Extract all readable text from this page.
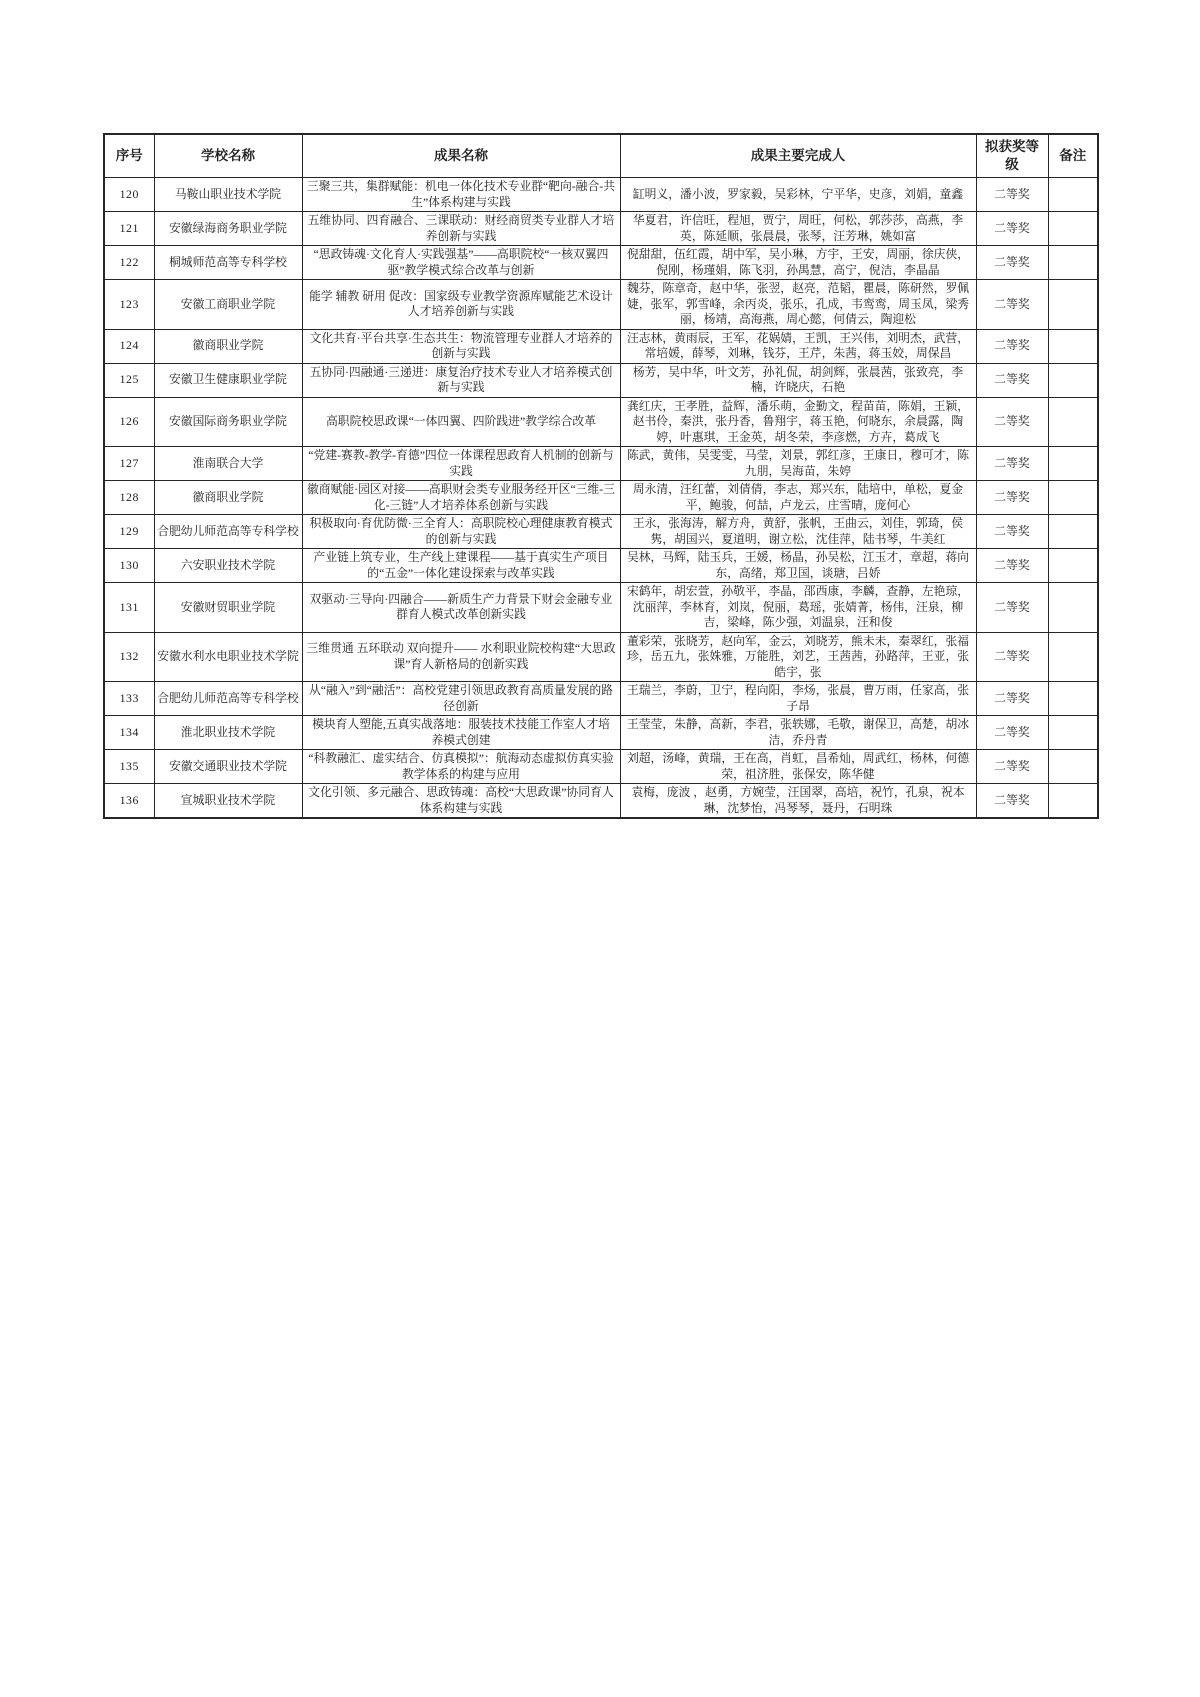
序号	学校名称	成果名称	成果主要完成人	拟获奖等级	备注
120	马鞍山职业技术学院	三聚三共，集群赋能：机电一体化技术专业群“靶向-融合-共生”体系构建与实践	缸明义，潘小波，罗家毅，吴彩林，宁平华，史彦，刘娟，童鑫	二等奖	
121	安徽绿海商务职业学院	五维协同、四育融合、三课联动：财经商贸类专业群人才培养创新与实践	华夏君，许信旺，程旭，贾宁，周旺，何松，郭莎莎，高燕，李英，陈延顺，张晨晨，张琴，汪芳琳，姚如富	二等奖	
122	桐城师范高等专科学校	“思政铸魂·文化育人·实践强基”——高职院校“一核双翼四驱”教学模式综合改革与创新	倪甜甜，伍红霞，胡中军，吴小琳，方宇，王安，周丽，徐庆侠，倪刚，杨瑾娟，陈飞羽，孙禺慧，高宁，倪洁，李晶晶	二等奖	
123	安徽工商职业学院	能学 辅教 研用 促改：国家级专业教学资源库赋能艺术设计人才培养创新与实践	魏芬，陈章奇，赵中华，张翌，赵亮，范韬，瞿晨，陈研然，罗佩婕，张军，郭雪峰，余丙炎，张乐，孔成，韦鸾鸾，周玉凤，梁秀丽，杨靖，高海燕，周心懿，何倩云，陶迎松	二等奖	
124	徽商职业学院	文化共育·平台共享·生态共生：物流管理专业群人才培养的创新与实践	汪志林，黄雨辰，王军，花娲婧，王凯，王兴伟，刘明杰，武营，常培媛，薛琴，刘琳，钱芬，王芹，朱茜，蒋玉姣，周保昌	二等奖	
125	安徽卫生健康职业学院	五协同·四融通·三递进：康复治疗技术专业人才培养模式创新与实践	杨芳，吴中华，叶文芳，孙礼侃，胡剑辉，张晨茜，张致亮，李楠，许晓庆，石艳	二等奖	
126	安徽国际商务职业学院	高职院校思政课“一体四翼、四阶践进”教学综合改革	龚红庆，王孝胜，益辉，潘乐萌，金勤文，程苗苗，陈娟，王颖，赵书伶，秦洪，张丹香，鲁翔宇，蒋玉艳，何晓东，余晨露，陶婷，叶惠琪，王金英，胡冬荣，李彦燃，方卉，葛成飞	二等奖	
127	淮南联合大学	“党建-赛教-教学-育德”四位一体课程思政育人机制的创新与实践	陈武，黄伟，吴雯雯，马莹，刘景，郭红彦，王康日，穆可才，陈九朋，吴海苗，朱婷	二等奖	
128	徽商职业学院	徽商赋能·园区对接——高职财会类专业服务经开区“三维-三化-三链”人才培养体系创新与实践	周永清，汪红蕾，刘倩倩，李志，郑兴东，陆培中，单松，夏金平，鲍骏，何喆，卢龙云，庄雪晴，庞何心	二等奖	
129	合肥幼儿师范高等专科学校	积极取向·育优防微·三全育人：高职院校心理健康教育模式的创新与实践	王永，张海涛，解方舟，黄舒，张帆，王曲云，刘佳，郭琦，侯隽，胡国兴，夏道明，谢立松，沈佳萍，陆书琴，牛美红	二等奖	
130	六安职业技术学院	产业链上筑专业，生产线上建课程——基于真实生产项目的“五金”一体化建设探索与改革实践	吴林，马辉，陆玉兵，王媛，杨晶，孙吴松，江玉才，章超，蒋向东，高绪，郑卫国，谈瑭，吕娇	二等奖	
131	安徽财贸职业学院	双驱动·三导向·四融合——新质生产力背景下财会金融专业群育人模式改革创新实践	宋鹤年，胡宏萱，孙敬平，李晶，邵西康，李麟，查静，左艳琼，沈丽萍，李林育，刘岚，倪丽，葛瑶，张婧菁，杨伟，汪泉，柳吉，梁峰，陈少强，刘温泉，汪和俊	二等奖	
132	安徽水利水电职业技术学院	三维贯通 五环联动 双向提升—— 水利职业院校构建“大思政课”育人新格局的创新实践	董彩荣，张晓芳，赵向军，金云，刘晓芳，熊未未，秦翠红，张福珍，岳五九，张姝雅，万能胜，刘艺，王茜茜，孙路萍，王亚，张皓宇，张	二等奖	
133	合肥幼儿师范高等专科学校	从“融入”到“融活”：高校党建引领思政教育高质量发展的路径创新	王瑞兰，李蔚，卫宁，程向阳，李炀，张晨，曹万雨，任家高，张子昂	二等奖	
134	淮北职业技术学院	模块育人塑能,五真实战落地：服装技术技能工作室人才培养模式创建	王莹莹，朱静，高新，李君，张轶娜，毛敬，谢保卫，高楚，胡冰洁，乔丹青	二等奖	
135	安徽交通职业技术学院	“科教融汇、虚实结合、仿真模拟”：航海动态虚拟仿真实验教学体系的构建与应用	刘超，汤峰，黄瑞，王在高，肖虹，昌希灿，周武红，杨林，何德荣，祖济胜，张保安，陈华健	二等奖	
136	宣城职业技术学院	文化引领、多元融合、思政铸魂：高校“大思政课”协同育人体系构建与实践	袁梅，庞波 ，赵勇，方婉莹，汪国翠，高培，祝竹，孔泉，祝本琳，沈梦怡，冯琴琴，聂丹，石明珠	二等奖	
